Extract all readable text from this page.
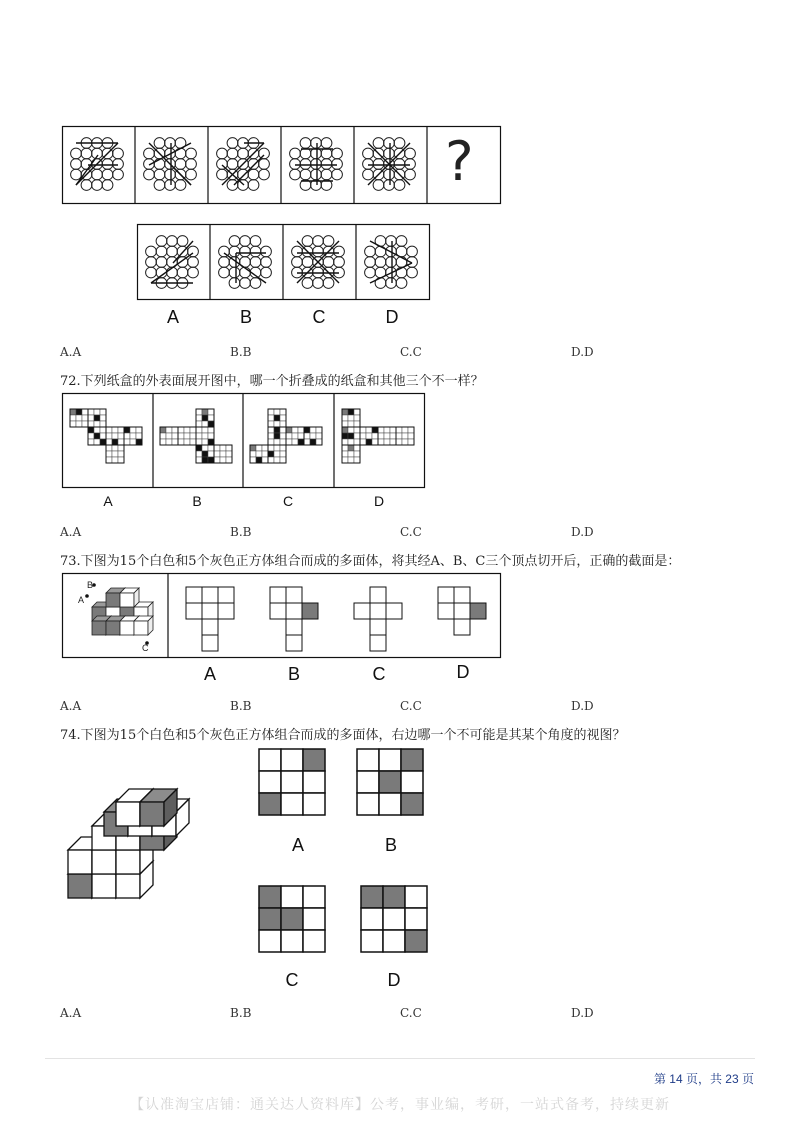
?
A	B	C	D
A.A	B.B	C.C	D.D
72.下列纸盒的外表面展开图中，哪一个折叠成的纸盒和其他三个不一样？
A	B	C	D
A.A	B.B	C.C	D.D
73.下图为15个白色和5个灰色正方体组合而成的多面体，将其经A、B、C三个顶点切开后，正确的截面是：
A
B
C
A	B	C	D
A.A	B.B	C.C	D.D
74.下图为15个白色和5个灰色正方体组合而成的多面体，右边哪一个不可能是其某个角度的视图？
A	B
C	D
A.A	B.B	C.C	D.D
第 14 页，共 23 页
【认准淘宝店铺：通关达人资料库】公考，事业编，考研，一站式备考，持续更新
